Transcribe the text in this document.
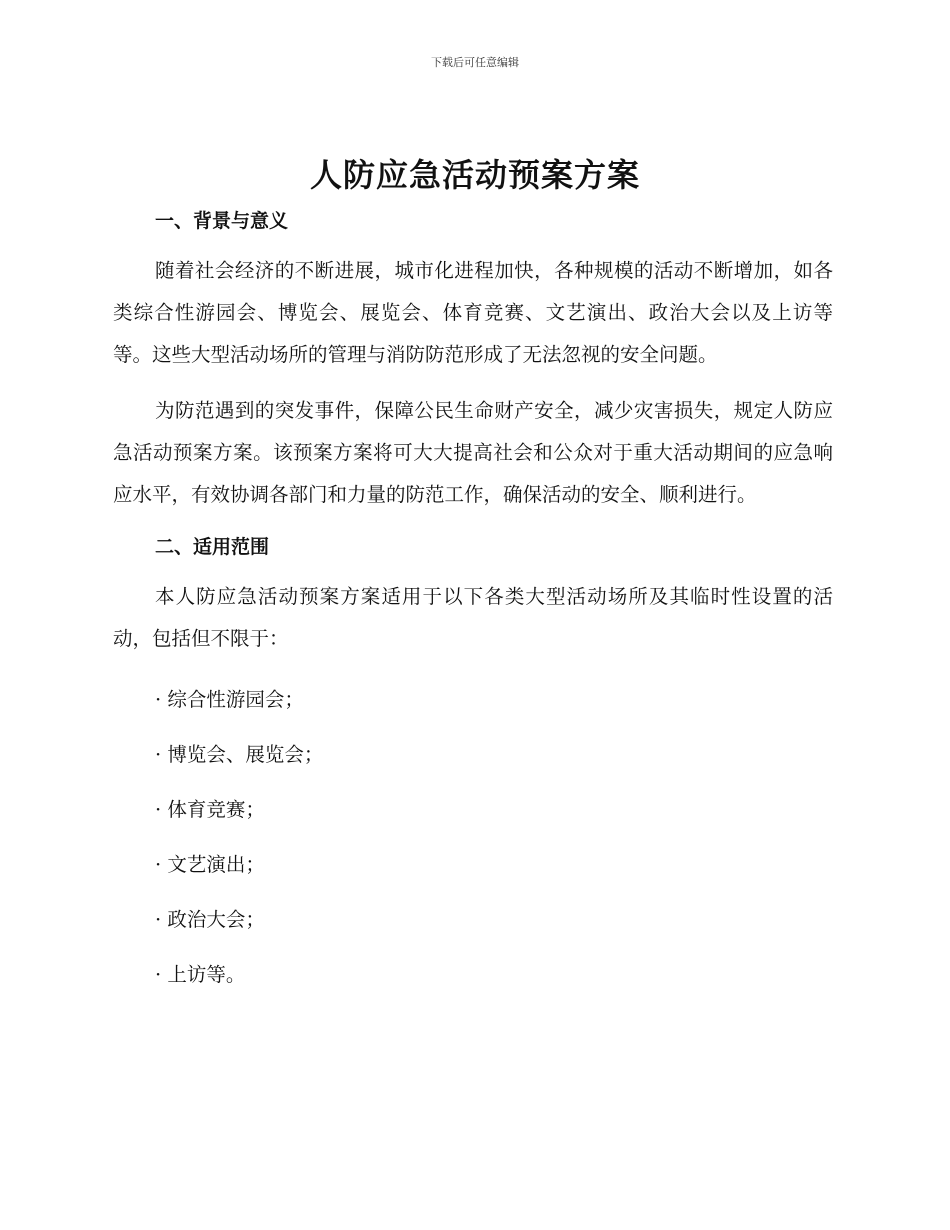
下载后可任意编辑
人防应急活动预案方案
一、背景与意义

随着社会经济的不断进展，城市化进程加快，各种规模的活动不断增加，如各类综合性游园会、博览会、展览会、体育竞赛、文艺演出、政治大会以及上访等等。这些大型活动场所的管理与消防防范形成了无法忽视的安全问题。

为防范遇到的突发事件，保障公民生命财产安全，减少灾害损失，规定人防应急活动预案方案。该预案方案将可大大提高社会和公众对于重大活动期间的应急响应水平，有效协调各部门和力量的防范工作，确保活动的安全、顺利进行。

二、适用范围

本人防应急活动预案方案适用于以下各类大型活动场所及其临时性设置的活动，包括但不限于：

· 综合性游园会；

· 博览会、展览会；

· 体育竞赛；

· 文艺演出；

· 政治大会；

· 上访等。
